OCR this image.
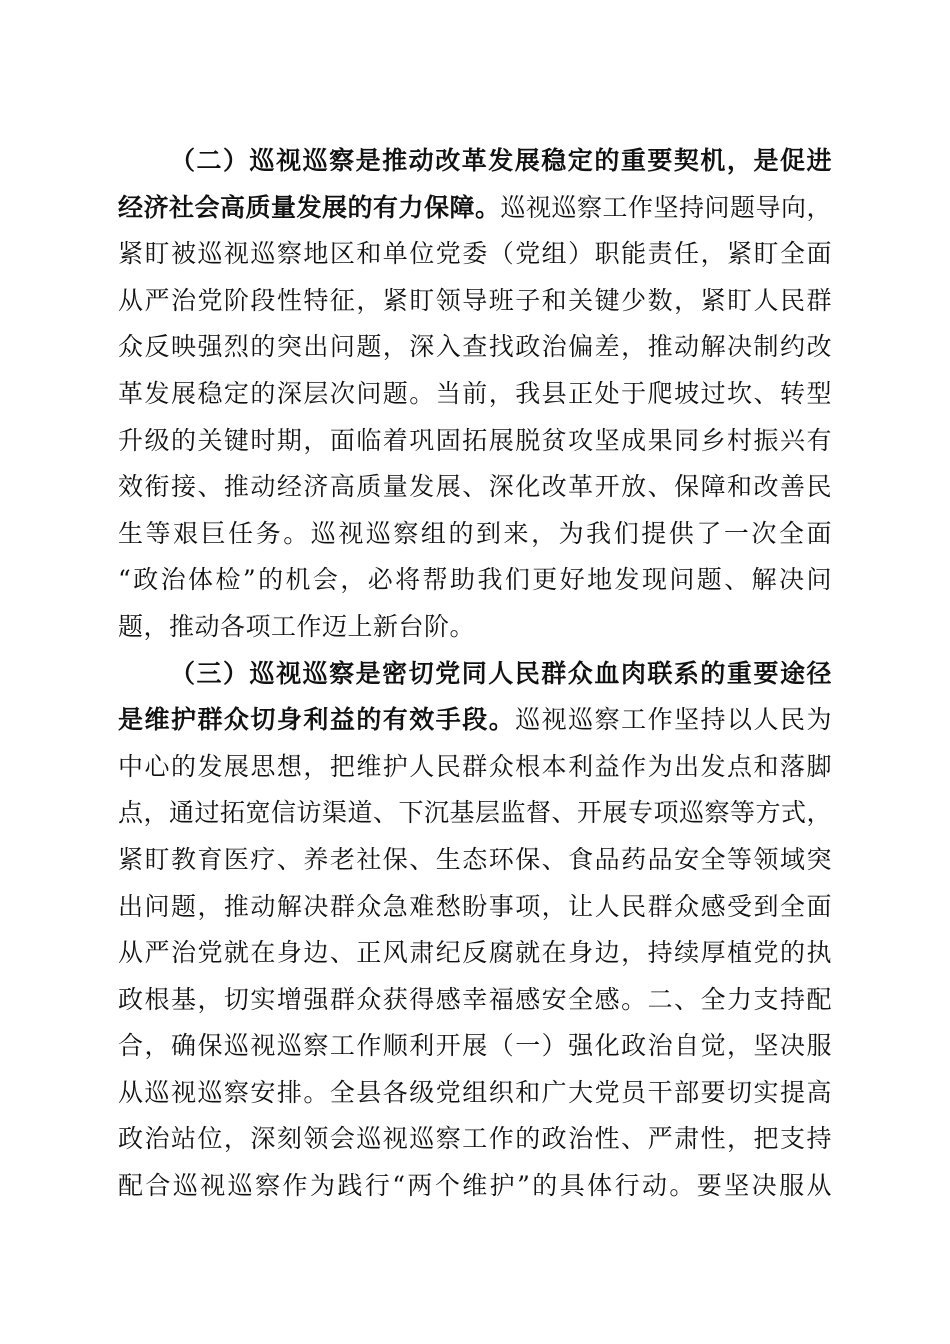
（二）巡视巡察是推动改革发展稳定的重要契机，是促进
经济社会高质量发展的有力保障。巡视巡察工作坚持问题导向，
紧盯被巡视巡察地区和单位党委（党组）职能责任，紧盯全面
从严治党阶段性特征，紧盯领导班子和关键少数，紧盯人民群
众反映强烈的突出问题，深入查找政治偏差，推动解决制约改
革发展稳定的深层次问题。当前，我县正处于爬坡过坎、转型
升级的关键时期，面临着巩固拓展脱贫攻坚成果同乡村振兴有
效衔接、推动经济高质量发展、深化改革开放、保障和改善民
生等艰巨任务。巡视巡察组的到来，为我们提供了一次全面
“政治体检”的机会，必将帮助我们更好地发现问题、解决问
题，推动各项工作迈上新台阶。
（三）巡视巡察是密切党同人民群众血肉联系的重要途径
是维护群众切身利益的有效手段。巡视巡察工作坚持以人民为
中心的发展思想，把维护人民群众根本利益作为出发点和落脚
点，通过拓宽信访渠道、下沉基层监督、开展专项巡察等方式，
紧盯教育医疗、养老社保、生态环保、食品药品安全等领域突
出问题，推动解决群众急难愁盼事项，让人民群众感受到全面
从严治党就在身边、正风肃纪反腐就在身边，持续厚植党的执
政根基，切实增强群众获得感幸福感安全感。二、全力支持配
合，确保巡视巡察工作顺利开展（一）强化政治自觉，坚决服
从巡视巡察安排。全县各级党组织和广大党员干部要切实提高
政治站位，深刻领会巡视巡察工作的政治性、严肃性，把支持
配合巡视巡察作为践行“两个维护”的具体行动。要坚决服从
